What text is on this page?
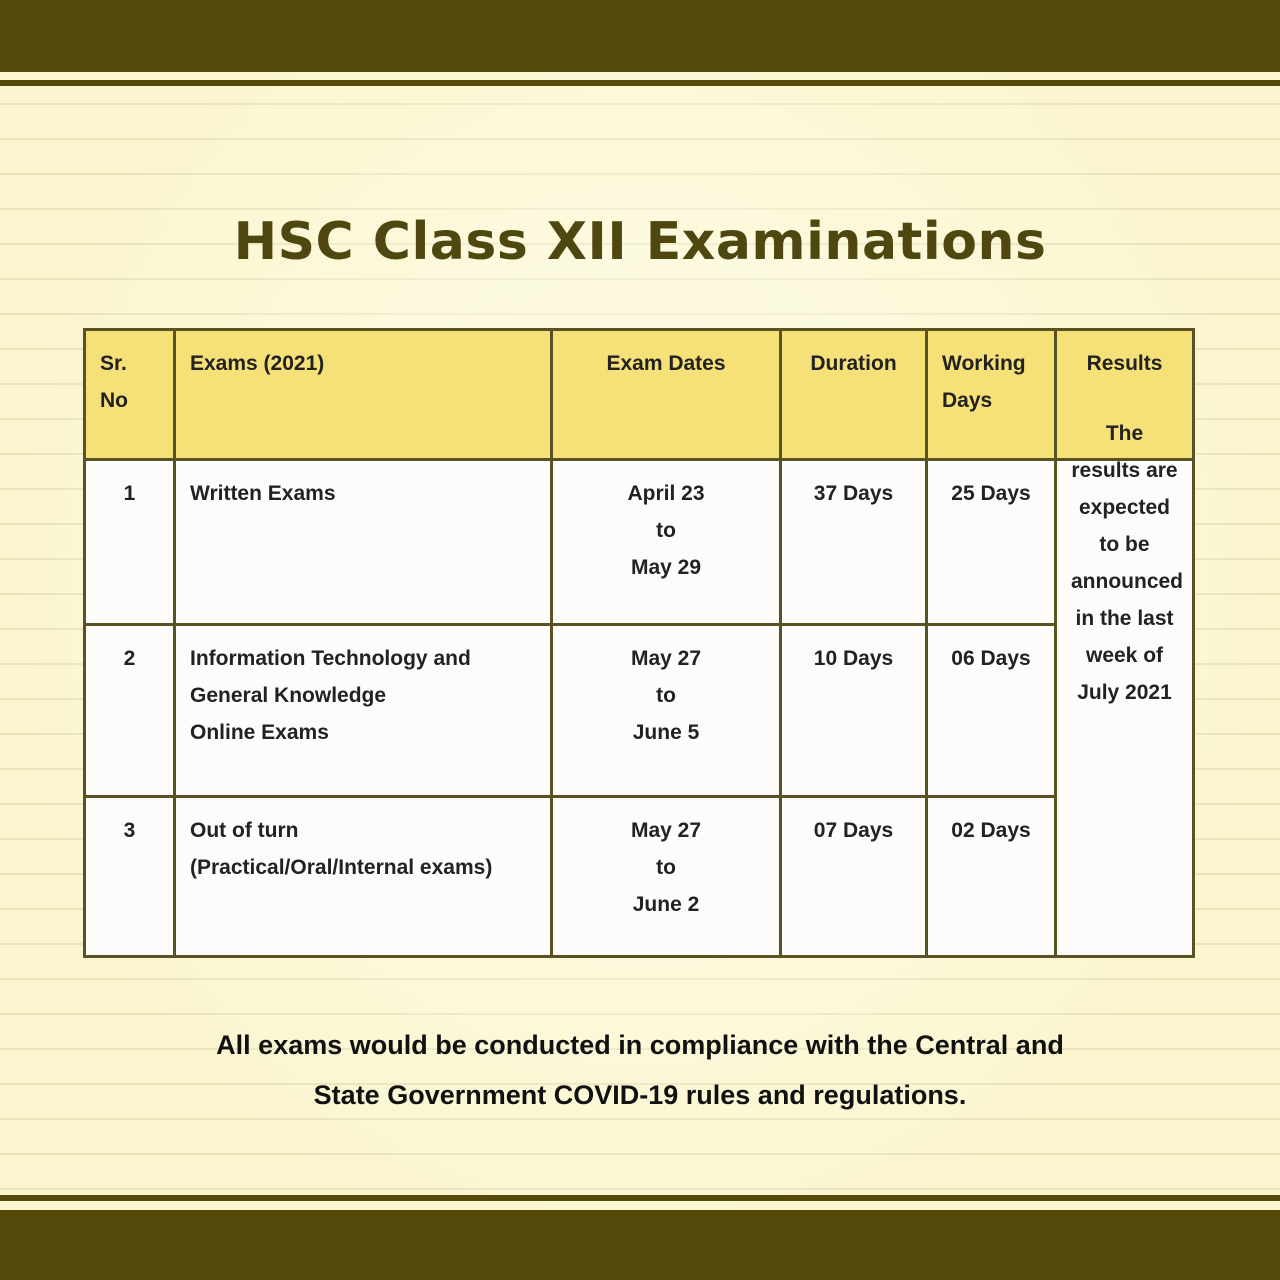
HSC Class XII Examinations
Sr. No	Exams (2021)	Exam Dates	Duration	Working Days	Results
1	Written Exams	April 23
to
May 29	37 Days	25 Days	The results are expected to be announced in the last week of July 2021

2	Information Technology and
General Knowledge
Online Exams	May 27
to
June 5	10 Days	06 Days	
3	Out of turn
(Practical/Oral/Internal exams)	May 27
to
June 2	07 Days	02 Days	
All exams would be conducted in compliance with the Central and
State Government COVID-19 rules and regulations.
